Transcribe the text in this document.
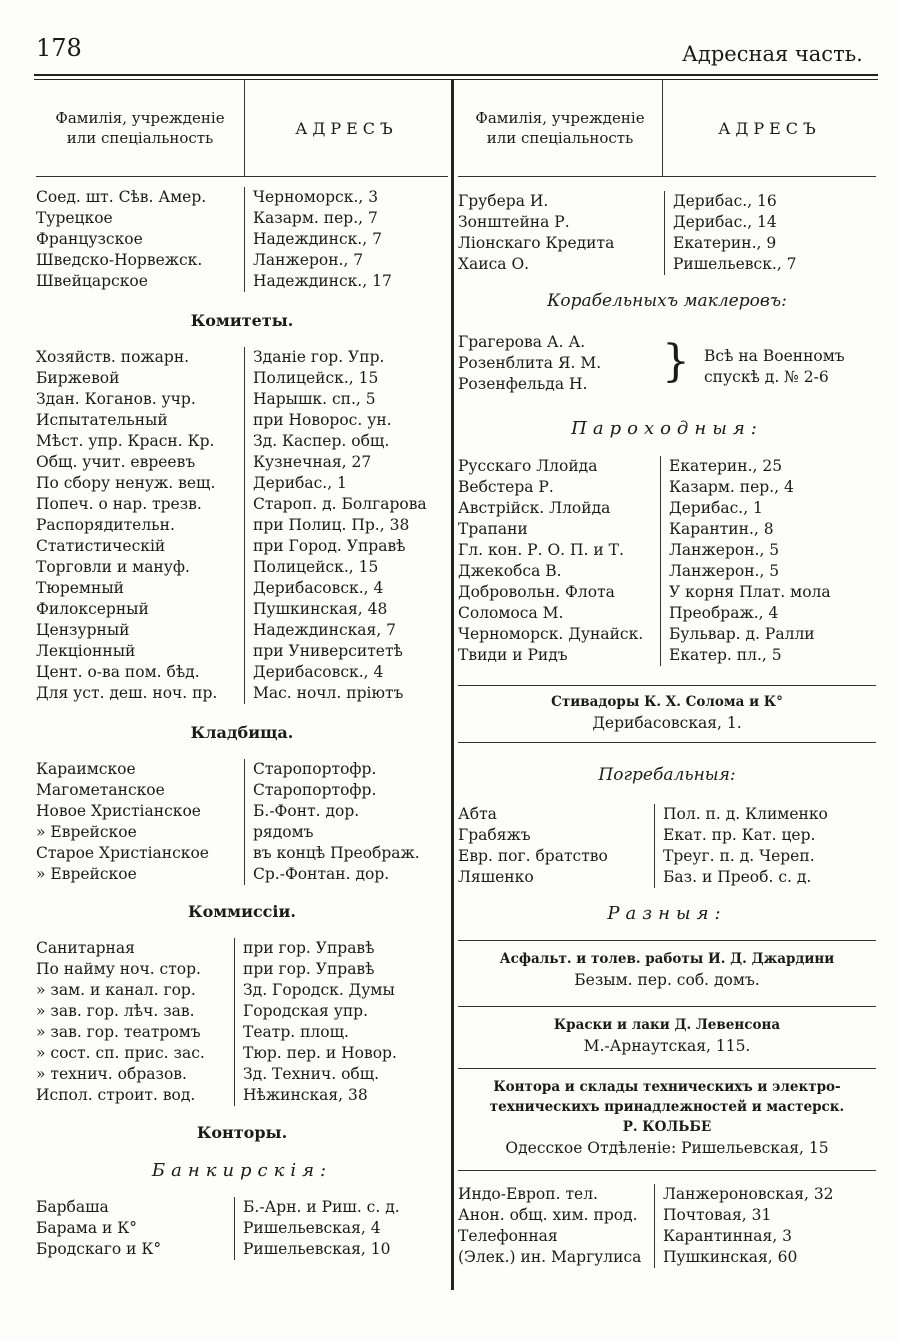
178	Адресная часть.
Фамилія, учрежденіе
или спеціальность
АДРЕСЪ
Соед. шт. Сѣв. Амер.	Черноморск., 3
Турецкое	Казарм. пер., 7
Французское	Надеждинск., 7
Шведско-Норвежск.	Ланжерон., 7
Швейцарское	Надеждинск., 17
Комитеты.
Хозяйств. пожарн.	Зданіе гор. Упр.
Биржевой	Полицейск., 15
Здан. Коганов. учр.	Нарышк. сп., 5
Испытательный	при Новорос. ун.
Мѣст. упр. Красн. Кр.	Зд. Каспер. общ.
Общ. учит. евреевъ	Кузнечная, 27
По сбору ненуж. вещ.	Дерибас., 1
Попеч. о нар. трезв.	Староп. д. Болгарова
Распорядительн.	при Полиц. Пр., 38
Статистическій	при Город. Управѣ
Торговли и мануф.	Полицейск., 15
Тюремный	Дерибасовск., 4
Филоксерный	Пушкинская, 48
Цензурный	Надеждинская, 7
Лекціонный	при Университетѣ
Цент. о-ва пом. бѣд.	Дерибасовск., 4
Для уст. деш. ноч. пр.	Мас. ночл. пріютъ
Кладбища.
Караимское	Старопортофр.
Магометанское	Старопортофр.
Новое Христіанское	Б.-Фонт. дор.
» Еврейское	рядомъ
Старое Христіанское	въ концѣ Преображ.
» Еврейское	Ср.-Фонтан. дор.
Коммиссіи.
Санитарная	при гор. Управѣ
По найму ноч. стор.	при гор. Управѣ
» зам. и канал. гор.	Зд. Городск. Думы
» зав. гор. лѣч. зав.	Городская упр.
» зав. гор. театромъ	Театр. площ.
» сост. сп. прис. зас.	Тюр. пер. и Новор.
» технич. образов.	Зд. Технич. общ.
Испол. строит. вод.	Нѣжинская, 38
Конторы.
Банкирскія:
Барбаша	Б.-Арн. и Риш. с. д.
Барама и К°	Ришельевская, 4
Бродскаго и К°	Ришельевская, 10
Фамилія, учрежденіе
или спеціальность
АДРЕСЪ
Грубера И.	Дерибас., 16
Зонштейна Р.	Дерибас., 14
Ліонскаго Кредита	Екатерин., 9
Хаиса О.	Ришельевск., 7
Корабельныхъ маклеровъ:
Грагерова А. А.
Розенблита Я. М.
Розенфельда Н.	} Всѣ на Военномъ
спускѣ д. № 2-6
Пароходныя:
Русскаго Ллойда	Екатерин., 25
Вебстера Р.	Казарм. пер., 4
Австрійск. Ллойда	Дерибас., 1
Трапани	Карантин., 8
Гл. кон. Р. О. П. и Т.	Ланжерон., 5
Джекобса В.	Ланжерон., 5
Добровольн. Флота	У корня Плат. мола
Соломоса М.	Преображ., 4
Черноморск. Дунайск.	Бульвар. д. Ралли
Твиди и Ридъ	Екатер. пл., 5
Стивадоры К. Х. Солома и К°
Дерибасовская, 1.
Погребальныя:
Абта	Пол. п. д. Клименко
Грабяжъ	Екат. пр. Кат. цер.
Евр. пог. братство	Треуг. п. д. Череп.
Ляшенко	Баз. и Преоб. с. д.
Разныя:
Асфальт. и толев. работы И. Д. Джардини
Безым. пер. соб. домъ.
Краски и лаки Д. Левенсона
М.-Арнаутская, 115.
Контора и склады техническихъ и электро-
техническихъ принадлежностей и мастерск.
Р. КОЛЬБЕ
Одесское Отдѣленіе: Ришельевская, 15
Индо-Европ. тел.	Ланжероновская, 32
Анон. общ. хим. прод.	Почтовая, 31
Телефонная	Карантинная, 3
(Элек.) ин. Маргулиса	Пушкинская, 60
